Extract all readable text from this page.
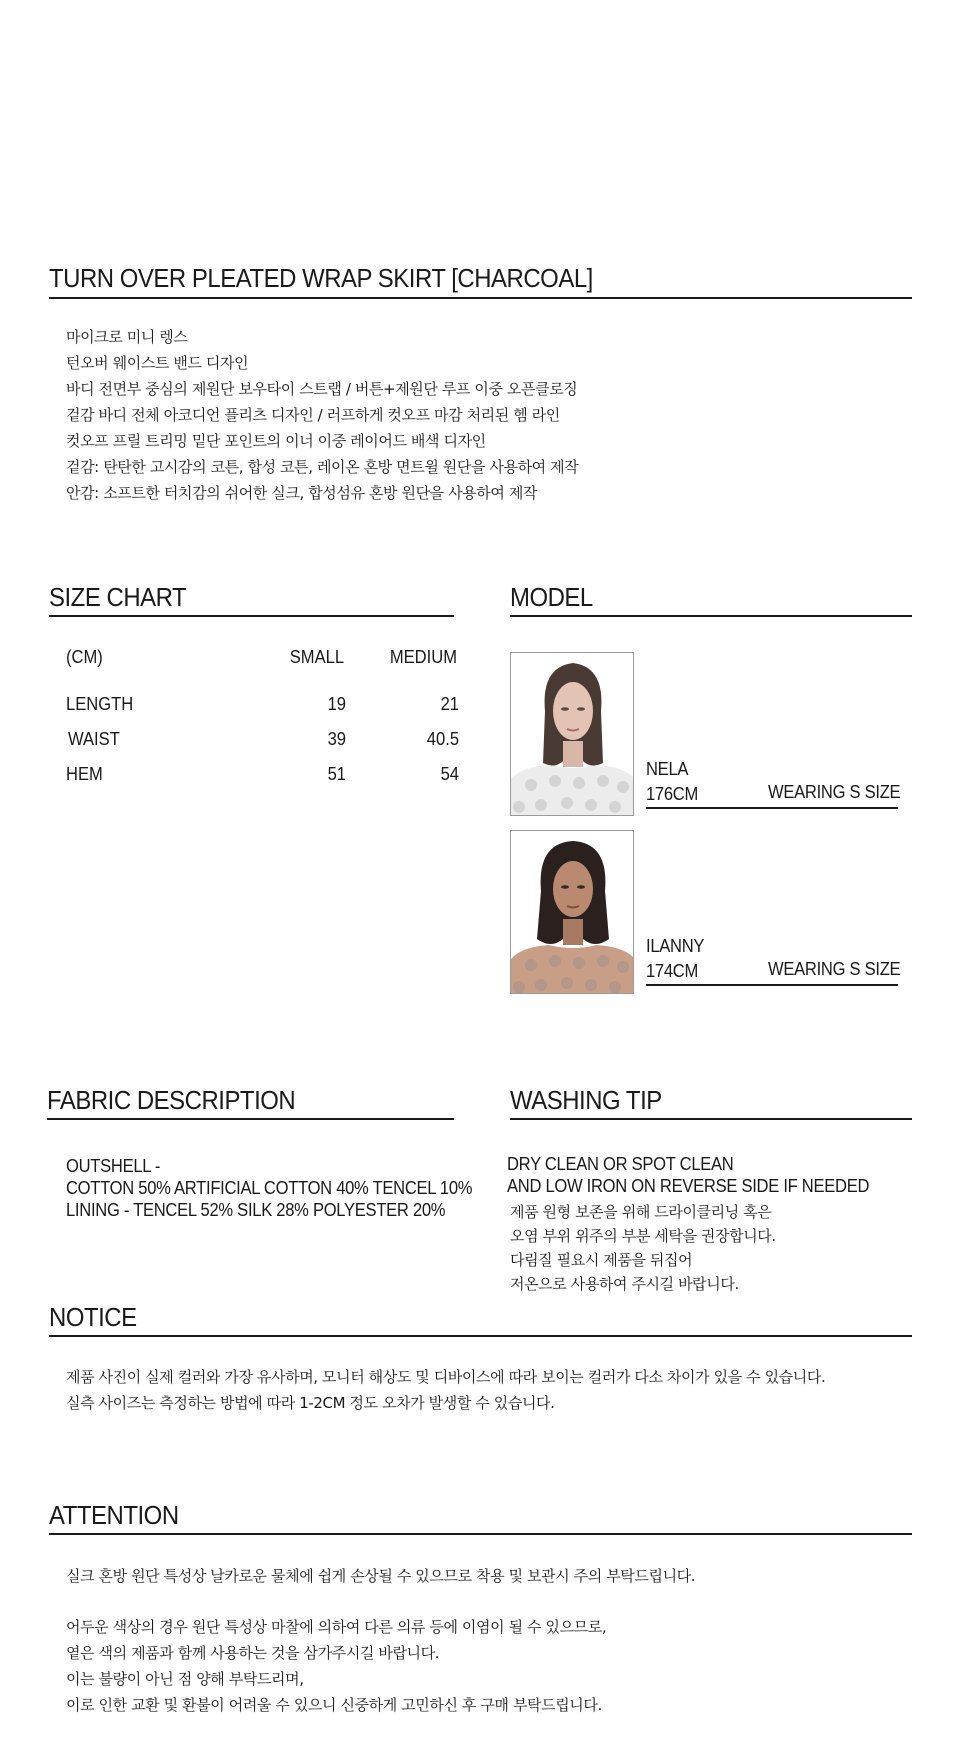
TURN OVER PLEATED WRAP SKIRT [CHARCOAL]
마이크로 미니 렝스
턴오버 웨이스트 밴드 디자인
바디 전면부 중심의 제원단 보우타이 스트랩 / 버튼+제원단 루프 이중 오픈클로징
겉감 바디 전체 아코디언 플리츠 디자인 / 러프하게 컷오프 마감 처리된 헴 라인
컷오프 프릴 트리밍 밑단 포인트의 이너 이중 레이어드 배색 디자인
겉감: 탄탄한 고시감의 코튼, 합성 코튼, 레이온 혼방 면트윌 원단을 사용하여 제작
안감: 소프트한 터치감의 쉬어한 실크, 합성섬유 혼방 원단을 사용하여 제작
SIZE CHART
(CM)	SMALL	MEDIUM
LENGTH	19	21
WAIST	39	40.5
HEM	51	54
MODEL
NELA
176CM	WEARING S SIZE
ILANNY
174CM	WEARING S SIZE
FABRIC DESCRIPTION
OUTSHELL -
COTTON 50% ARTIFICIAL COTTON 40% TENCEL 10%
LINING - TENCEL 52% SILK 28% POLYESTER 20%
WASHING TIP
DRY CLEAN OR SPOT CLEAN
AND LOW IRON ON REVERSE SIDE IF NEEDED
제품 원형 보존을 위해 드라이클리닝 혹은
오염 부위 위주의 부분 세탁을 권장합니다.
다림질 필요시 제품을 뒤집어
저온으로 사용하여 주시길 바랍니다.
NOTICE
제품 사진이 실제 컬러와 가장 유사하며, 모니터 해상도 및 디바이스에 따라 보이는 컬러가 다소 차이가 있을 수 있습니다.
실측 사이즈는 측정하는 방법에 따라 1-2CM 정도 오차가 발생할 수 있습니다.
ATTENTION
실크 혼방 원단 특성상 날카로운 물체에 쉽게 손상될 수 있으므로 착용 및 보관시 주의 부탁드립니다.
어두운 색상의 경우 원단 특성상 마찰에 의하여 다른 의류 등에 이염이 될 수 있으므로,
옅은 색의 제품과 함께 사용하는 것을 삼가주시길 바랍니다.
이는 불량이 아닌 점 양해 부탁드리며,
이로 인한 교환 및 환불이 어려울 수 있으니 신중하게 고민하신 후 구매 부탁드립니다.
